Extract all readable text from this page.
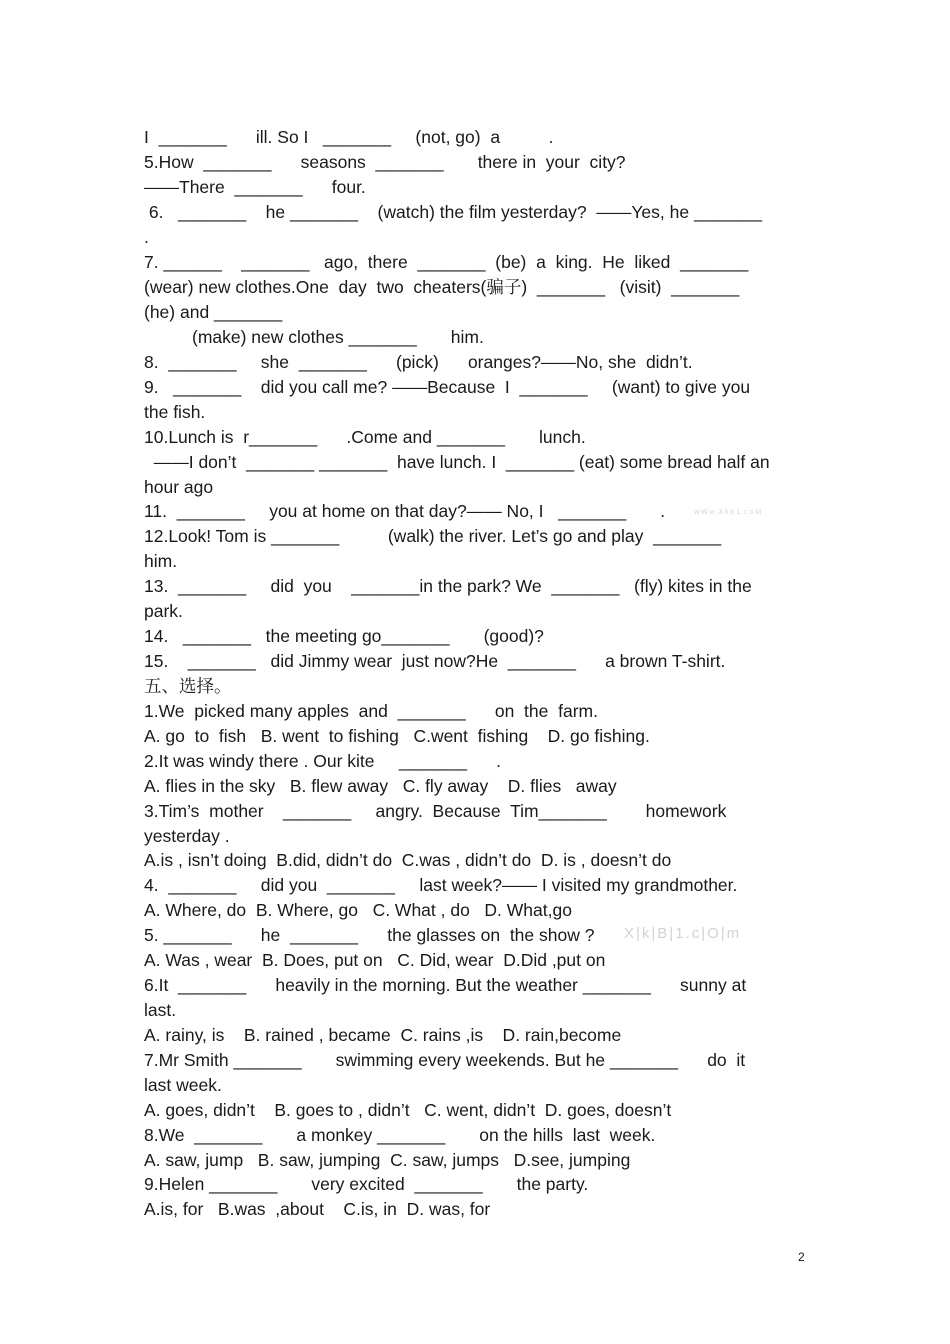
I  _______      ill. So I   _______     (not, go)  a          .
5.How  _______      seasons  _______       there in  your  city?
——There  _______      four.
6.   _______    he _______    (watch) the film yesterday?  ——Yes, he _______
.
7. ______    _______   ago,  there  _______  (be)  a  king.  He  liked  _______
(wear) new clothes.One  day  two  cheaters(骗子)  _______   (visit)  _______
(he) and _______
(make) new clothes _______       him.
8.  _______     she  _______      (pick)      oranges?——No, she  didn’t.
9.   _______    did you call me? ——Because  I  _______     (want) to give you
the fish.
10.Lunch is  r_______      .Come and _______       lunch.
——I don’t  _______ _______  have lunch. I  _______ (eat) some bread half an
hour ago
11.  _______     you at home on that day?—— No, I   _______       .
12.Look! Tom is _______          (walk) the river. Let’s go and play  _______
him.
13.  _______     did  you    _______in the park? We  _______   (fly) kites in the
park.
14.   _______   the meeting go_______       (good)?
15.    _______   did Jimmy wear  just now?He  _______      a brown T-shirt.
五、选择。
1.We  picked many apples  and  _______      on  the  farm.
A. go  to  fish   B. went  to fishing   C.went  fishing    D. go fishing.
2.It was windy there . Our kite     _______      .
A. flies in the sky   B. flew away   C. fly away    D. flies   away
3.Tim’s  mother    _______     angry.  Because  Tim_______        homework
yesterday .
A.is , isn’t doing  B.did, didn’t do  C.was , didn’t do  D. is , doesn’t do
4.  _______     did you  _______     last week?—— I visited my grandmother.
A. Where, do  B. Where, go   C. What , do   D. What,go
5. _______      he  _______      the glasses on  the show ?
A. Was , wear  B. Does, put on   C. Did, wear  D.Did ,put on
6.It  _______      heavily in the morning. But the weather _______      sunny at
last.
A. rainy, is    B. rained , became  C. rains ,is    D. rain,become
7.Mr Smith _______       swimming every weekends. But he _______      do  it
last week.
A. goes, didn’t    B. goes to , didn’t   C. went, didn’t  D. goes, doesn’t
8.We  _______       a monkey _______       on the hills  last  week.
A. saw, jump   B. saw, jumping  C. saw, jumps   D.see, jumping
9.Helen _______       very excited  _______       the party.
A.is, for   B.was  ,about    C.is, in  D. was, for
X|k|B|1.c|O|m
w W w .X k b 1. c o M
2
